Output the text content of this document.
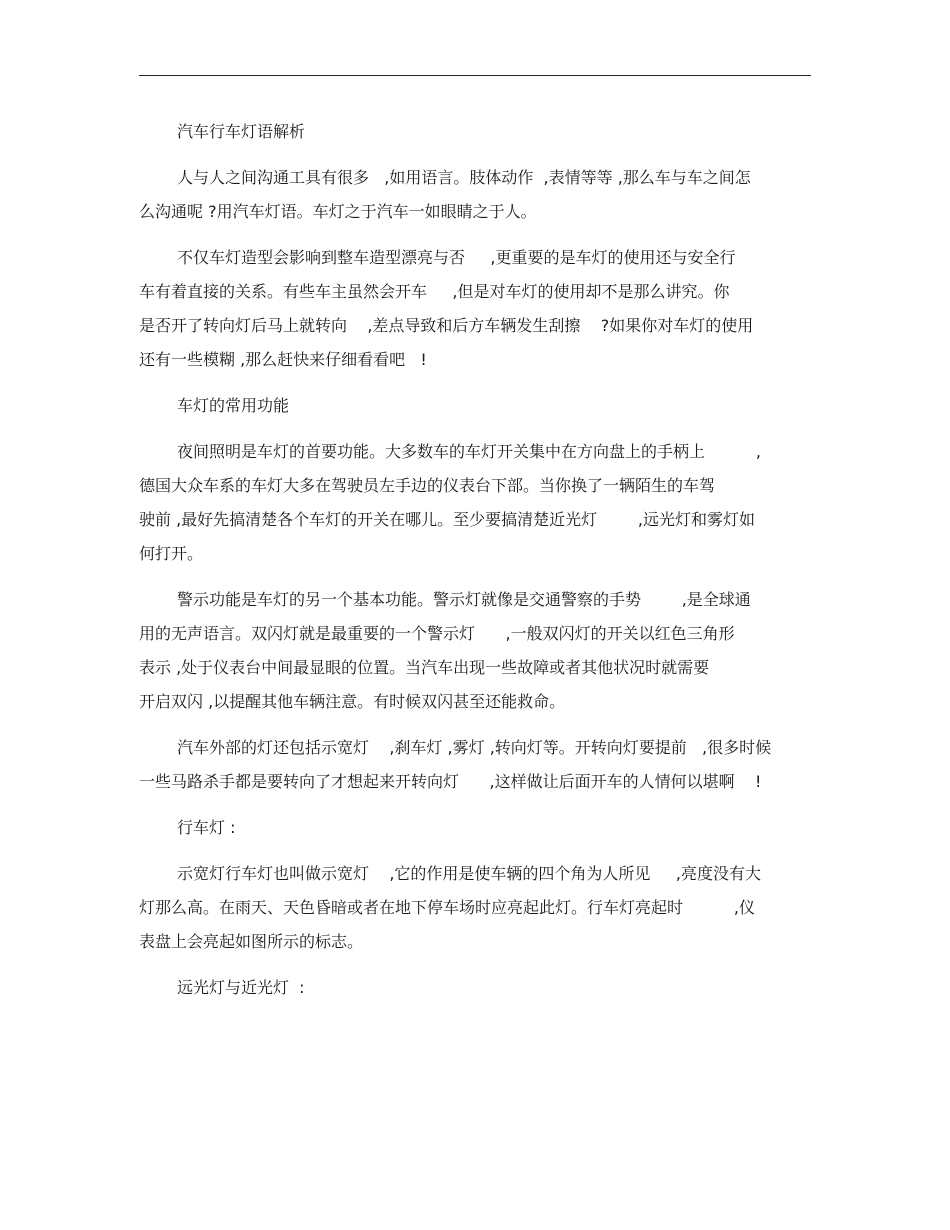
汽车行车灯语解析
人与人之间沟通工具有很多   ,如用语言。肢体动作  ,表情等等 ,那么车与车之间怎
么沟通呢 ?用汽车灯语。车灯之于汽车一如眼睛之于人。
不仅车灯造型会影响到整车造型漂亮与否     ,更重要的是车灯的使用还与安全行
车有着直接的关系。有些车主虽然会开车     ,但是对车灯的使用却不是那么讲究。你
是否开了转向灯后马上就转向    ,差点导致和后方车辆发生刮擦    ?如果你对车灯的使用
还有一些模糊 ,那么赶快来仔细看看吧   !
车灯的常用功能
夜间照明是车灯的首要功能。大多数车的车灯开关集中在方向盘上的手柄上          ,
德国大众车系的车灯大多在驾驶员左手边的仪表台下部。当你换了一辆陌生的车驾
驶前 ,最好先搞清楚各个车灯的开关在哪儿。至少要搞清楚近光灯        ,远光灯和雾灯如
何打开。
警示功能是车灯的另一个基本功能。警示灯就像是交通警察的手势        ,是全球通
用的无声语言。双闪灯就是最重要的一个警示灯      ,一般双闪灯的开关以红色三角形
表示 ,处于仪表台中间最显眼的位置。当汽车出现一些故障或者其他状况时就需要
开启双闪 ,以提醒其他车辆注意。有时候双闪甚至还能救命。
汽车外部的灯还包括示宽灯    ,刹车灯 ,雾灯 ,转向灯等。开转向灯要提前   ,很多时候
一些马路杀手都是要转向了才想起来开转向灯      ,这样做让后面开车的人情何以堪啊    !
行车灯 :
示宽灯行车灯也叫做示宽灯    ,它的作用是使车辆的四个角为人所见     ,亮度没有大
灯那么高。在雨天、天色昏暗或者在地下停车场时应亮起此灯。行车灯亮起时          ,仪
表盘上会亮起如图所示的标志。
远光灯与近光灯  :
